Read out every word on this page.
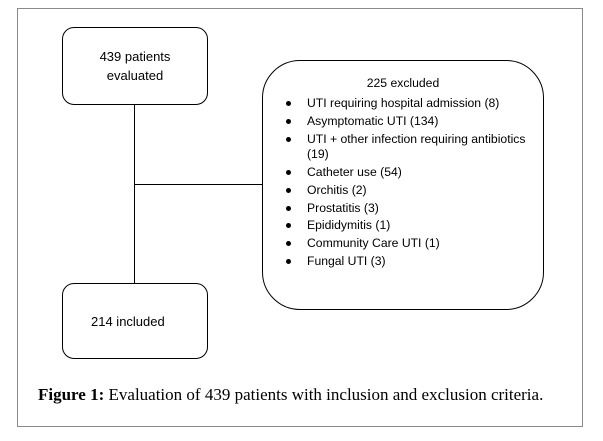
439 patients evaluated	225 excluded
UTI requiring hospital admission (8)
Asymptomatic UTI (134)
UTI + other infection requiring antibiotics (19)
Catheter use (54)
Orchitis (2)
Prostatitis (3)
Epididymitis (1)
Community Care UTI (1)
Fungal UTI (3)
214 included
Figure 1: Evaluation of 439 patients with inclusion and exclusion criteria.
